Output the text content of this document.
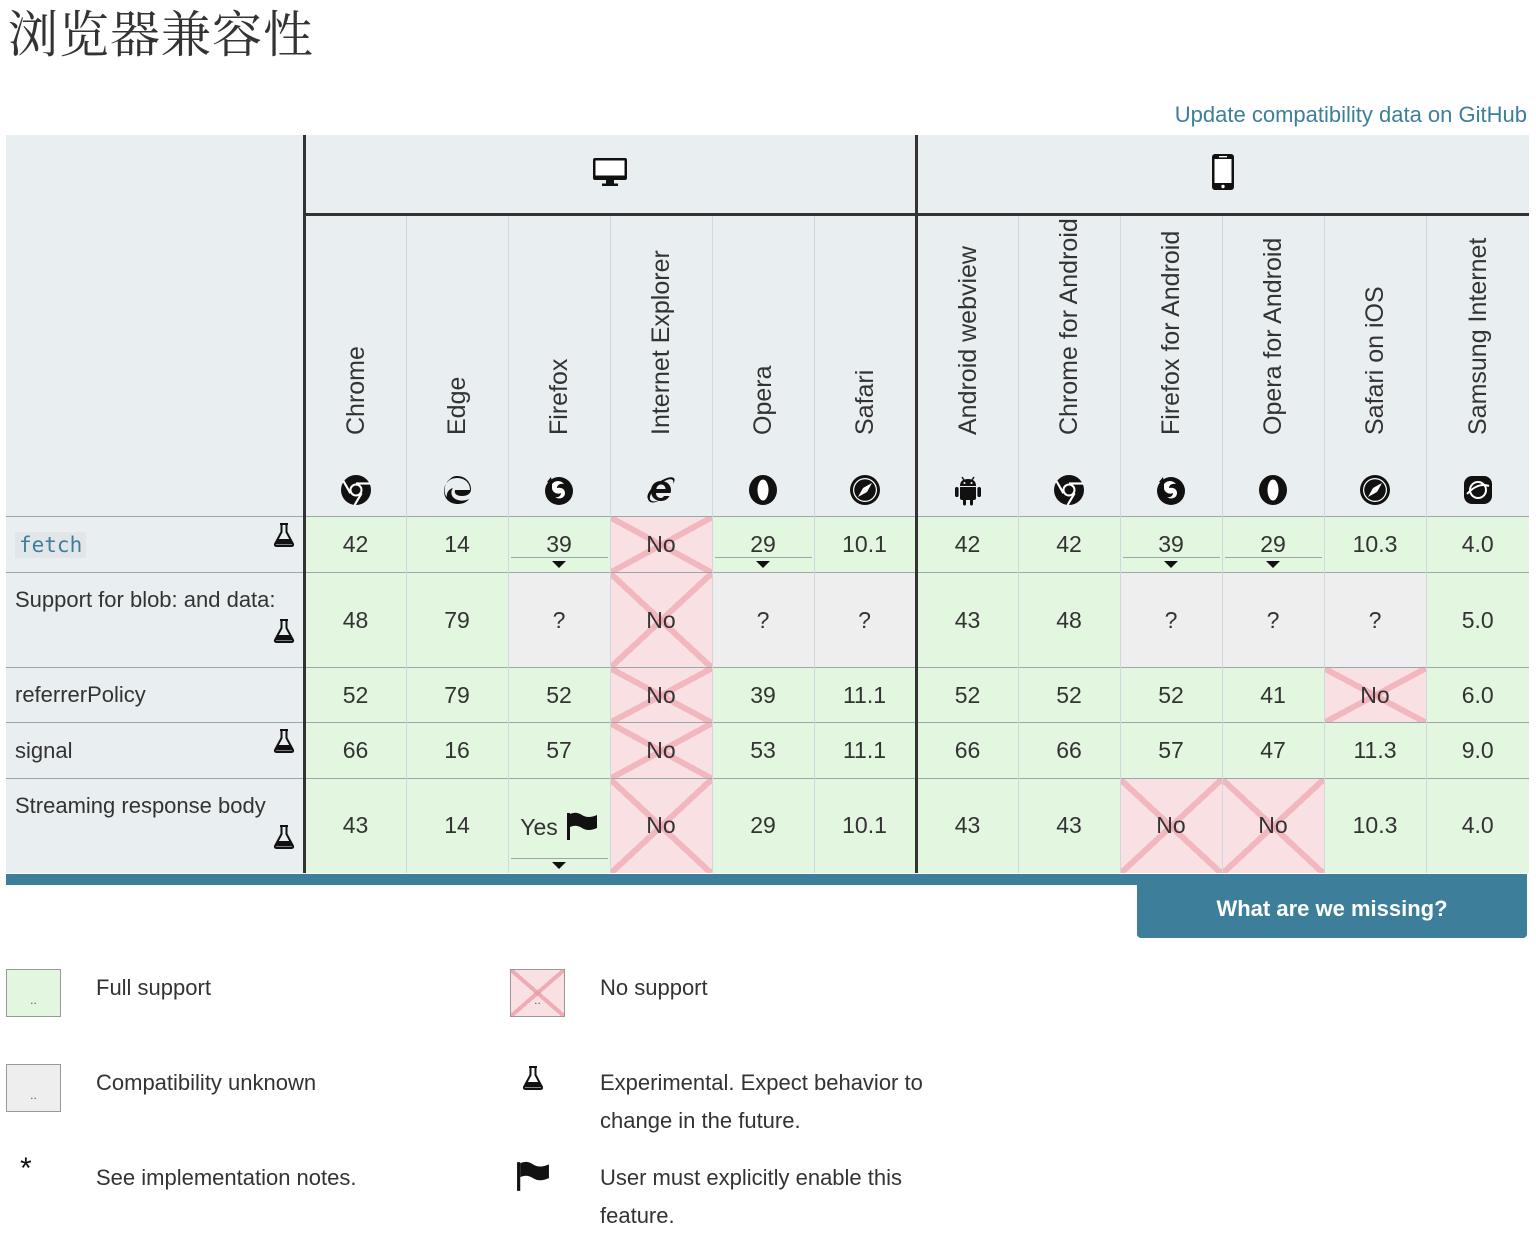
浏览器兼容性
Update compatibility data on GitHub

	Chrome	Edge	Firefox	Internet Explorer	Opera	Safari	Android webview	Chrome for Android	Firefox for Android	Opera for Android	Safari on iOS	Samsung Internet

fetch	42	14	39	No	29	10.1	42	42	39	29	10.3	4.0

Support for blob: and data:	48	79	?	No	?	?	43	48	?	?	?	5.0
referrerPolicy	52	79	52	No	39	11.1	52	52	52	41	No	6.0
signal	66	16	57	No	53	11.1	66	66	57	47	11.3	9.0

Streaming response body	43	14	Yes	No	29	10.1	43	43	No	No	10.3	4.0
What are we missing?
..	Full support	..	No support
..	Compatibility unknown	Experimental. Expect behavior to change in the future.
*	See implementation notes.	User must explicitly enable this feature.
